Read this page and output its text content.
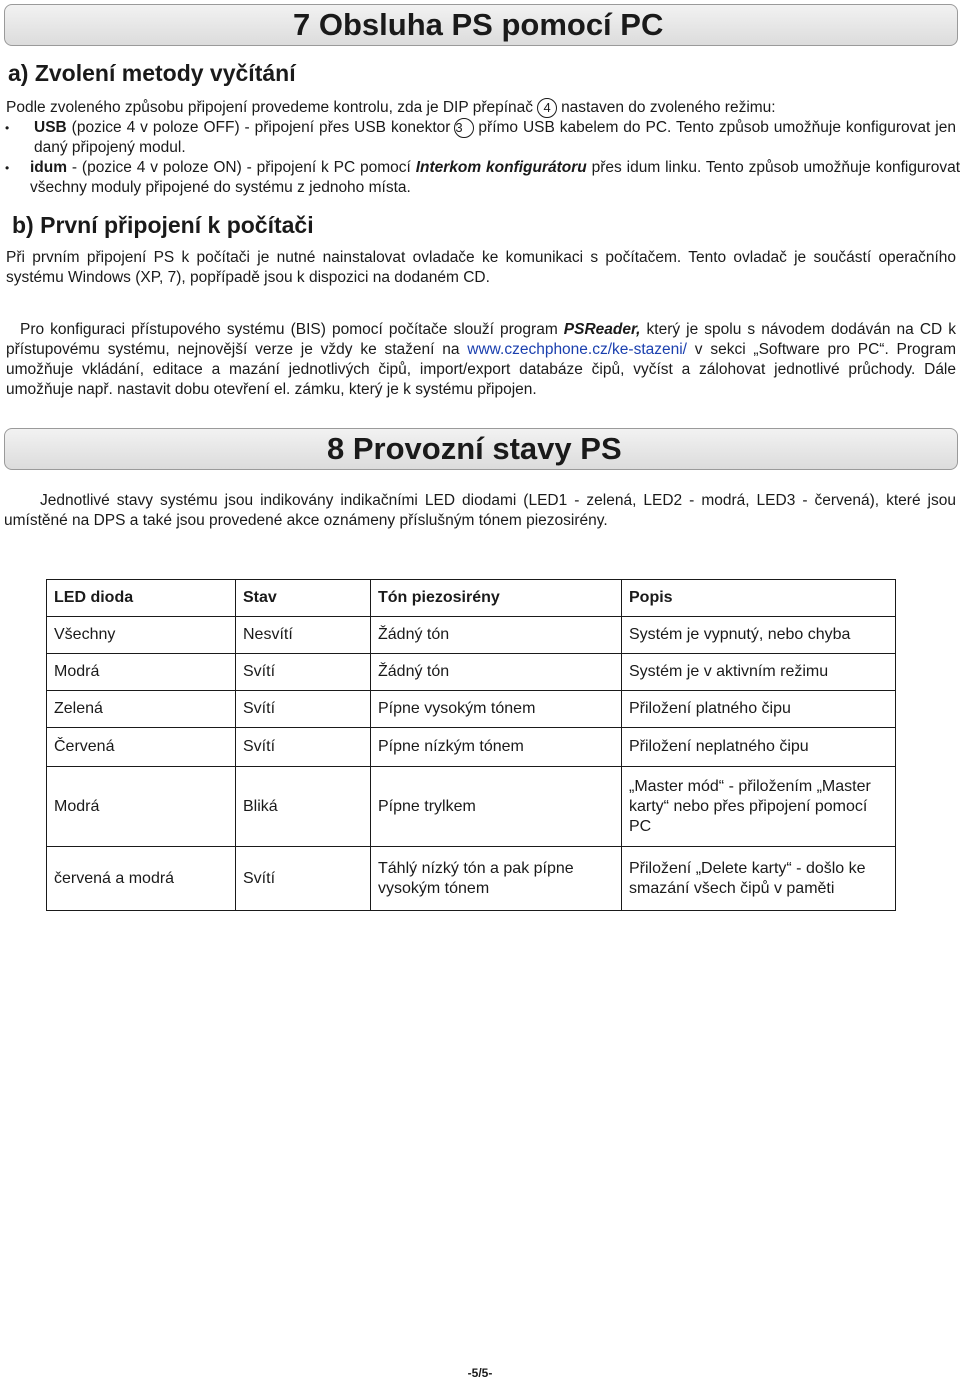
7 Obsluha PS pomocí PC
a) Zvolení metody vyčítání
Podle zvoleného způsobu připojení provedeme kontrolu, zda je DIP přepínač 4 nastaven do zvoleného režimu:
• USB (pozice 4 v poloze OFF) - připojení přes USB konektor 3 přímo USB kabelem do PC. Tento způsob umožňuje konfigurovat jen daný připojený modul.
• idum - (pozice 4 v poloze ON) - připojení k PC pomocí Interkom konfigurátoru přes idum linku. Tento způsob umožňuje konfigurovat všechny moduly připojené do systému z jednoho místa.
b) První připojení k počítači
Při prvním připojení PS k počítači je nutné nainstalovat ovladače ke komunikaci s počítačem. Tento ovladač je součástí operačního systému Windows (XP, 7), popřípadě jsou k dispozici na dodaném CD.
Pro konfiguraci přístupového systému (BIS) pomocí počítače slouží program PSReader, který je spolu s návodem dodáván na CD k přístupovému systému, nejnovější verze je vždy ke stažení na www.czechphone.cz/ke-stazeni/ v sekci „Software pro PC“. Program umožňuje vkládání, editace a mazání jednotlivých čipů, import/export databáze čipů, vyčíst a zálohovat jednotlivé průchody. Dále umožňuje např. nastavit dobu otevření el. zámku, který je k systému připojen.
8 Provozní stavy PS
Jednotlivé stavy systému jsou indikovány indikačními LED diodami (LED1 - zelená, LED2 - modrá, LED3 - červená), které jsou umístěné na DPS a také jsou provedené akce oznámeny příslušným tónem piezosirény.
LED dioda	Stav	Tón piezosirény	Popis
Všechny	Nesvítí	Žádný tón	Systém je vypnutý, nebo chyba
Modrá	Svítí	Žádný tón	Systém je v aktivním režimu
Zelená	Svítí	Pípne vysokým tónem	Přiložení platného čipu
Červená	Svítí	Pípne nízkým tónem	Přiložení neplatného čipu
Modrá	Bliká	Pípne trylkem	„Master mód“ - přiložením „Master karty“ nebo přes připojení pomocí PC
červená a modrá	Svítí	Táhlý nízký tón a pak pípne vysokým tónem	Přiložení „Delete karty“ - došlo ke smazání všech čipů v paměti
-5/5-
